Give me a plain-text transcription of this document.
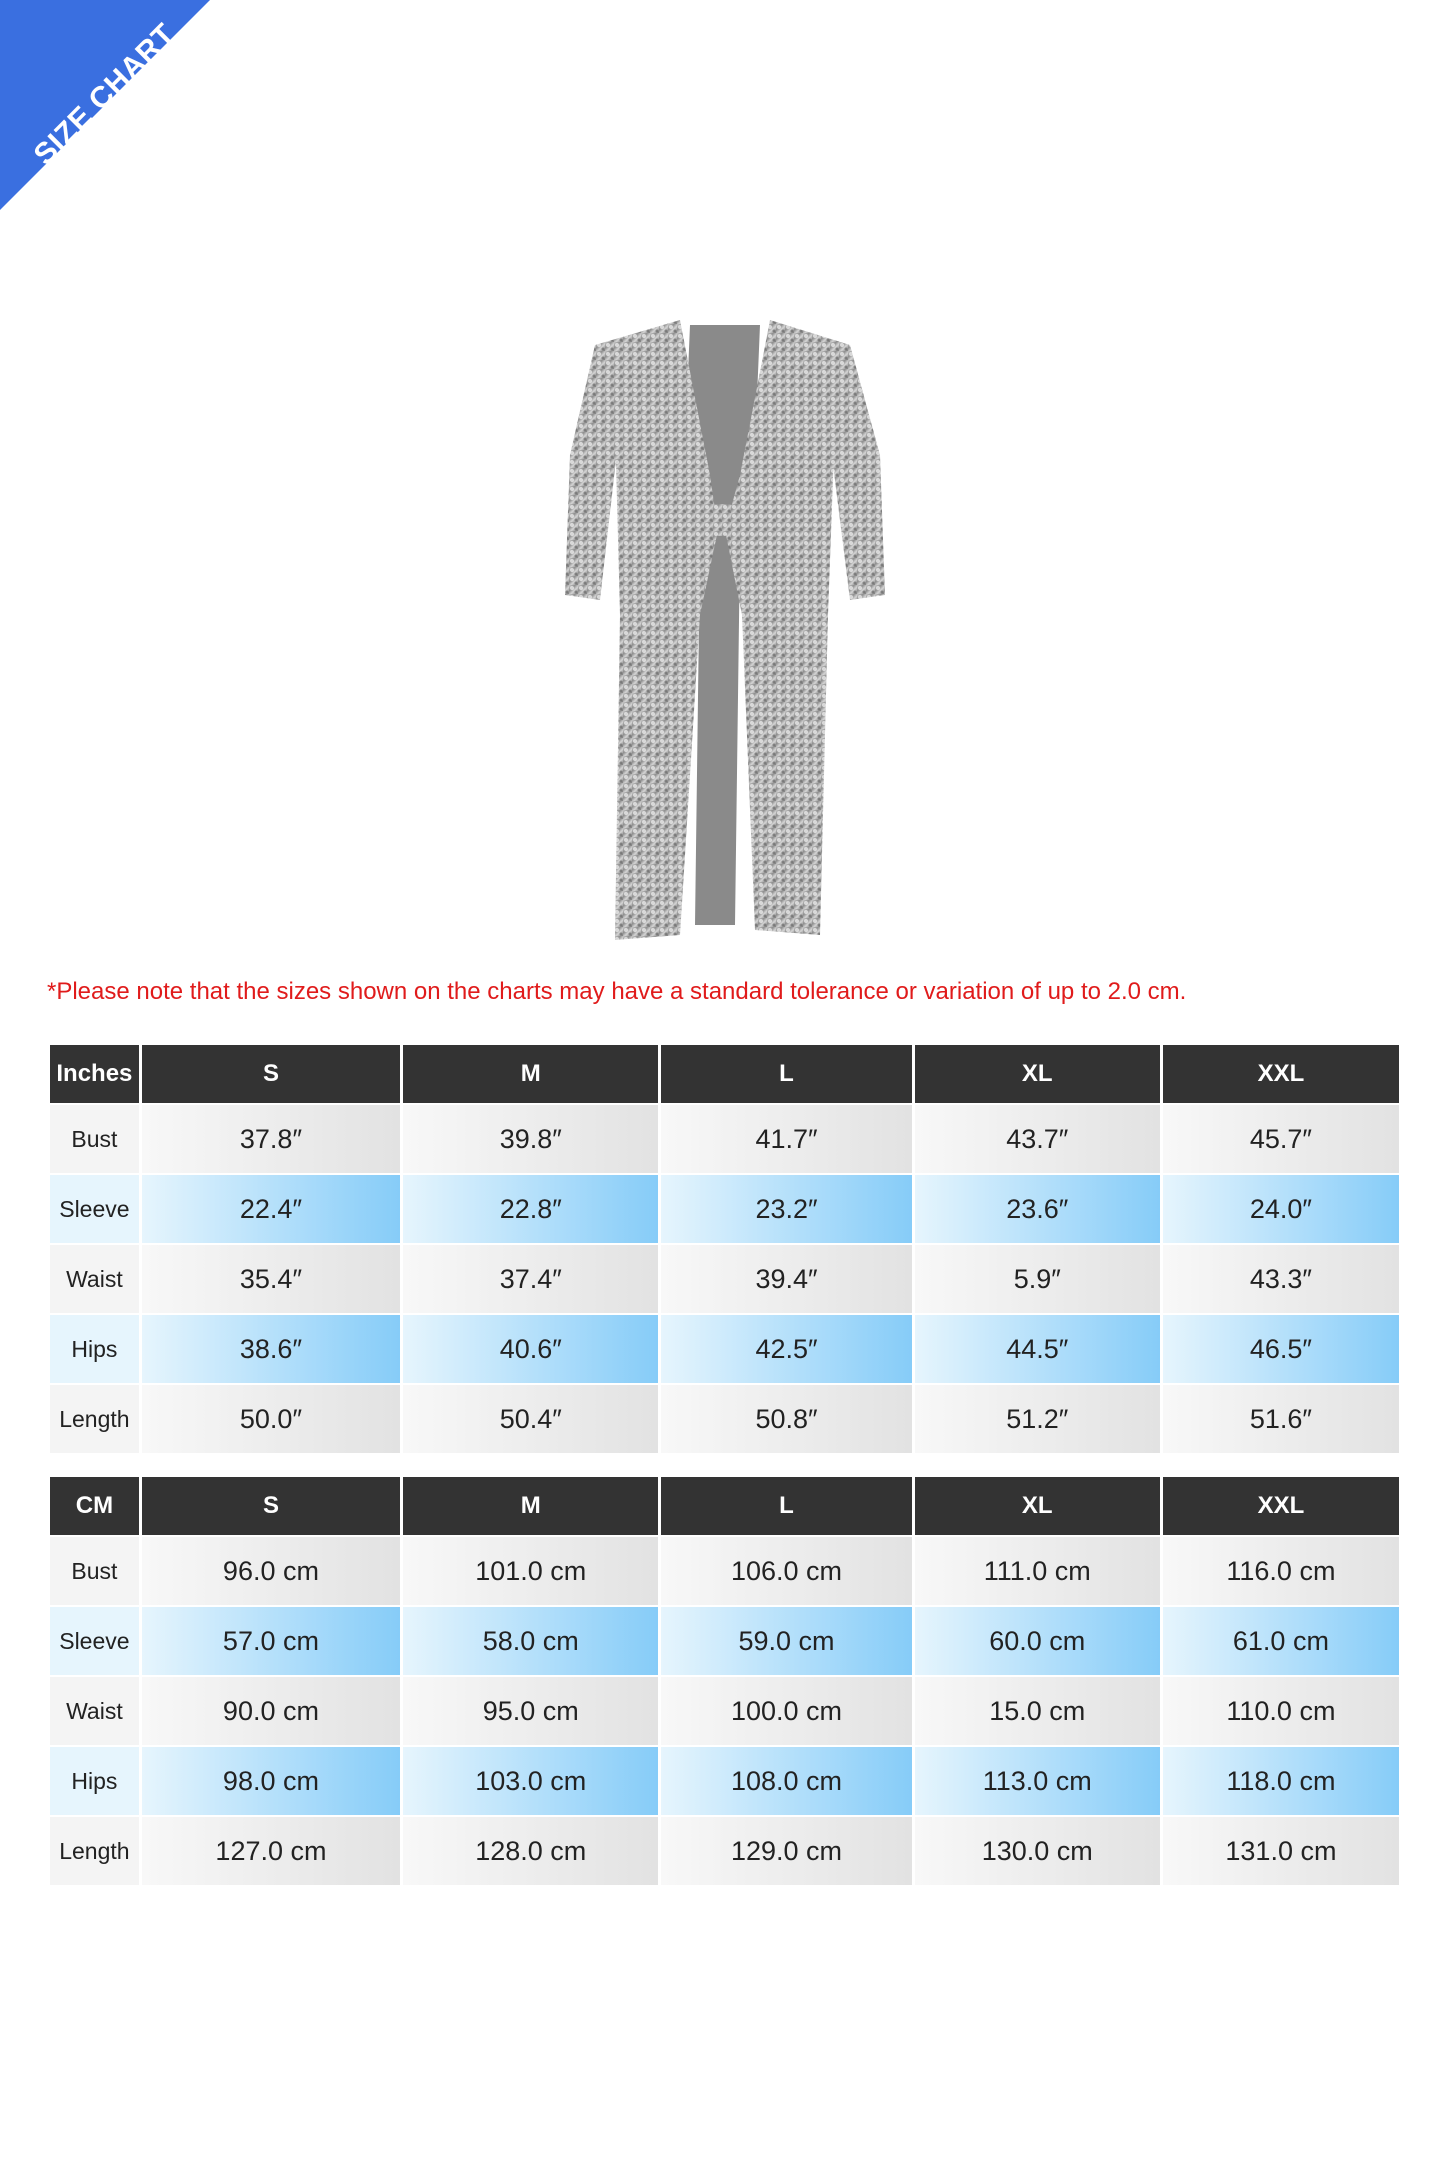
SIZE CHART
*Please note that the sizes shown on the charts may have a standard tolerance or variation of up to 2.0 cm.
Inches	S	M	L	XL	XXL
Bust	37.8″	39.8″	41.7″	43.7″	45.7″
Sleeve	22.4″	22.8″	23.2″	23.6″	24.0″
Waist	35.4″	37.4″	39.4″	5.9″	43.3″
Hips	38.6″	40.6″	42.5″	44.5″	46.5″
Length	50.0″	50.4″	50.8″	51.2″	51.6″
CM	S	M	L	XL	XXL
Bust	96.0 cm	101.0 cm	106.0 cm	111.0 cm	116.0 cm
Sleeve	57.0 cm	58.0 cm	59.0 cm	60.0 cm	61.0 cm
Waist	90.0 cm	95.0 cm	100.0 cm	15.0 cm	110.0 cm
Hips	98.0 cm	103.0 cm	108.0 cm	113.0 cm	118.0 cm
Length	127.0 cm	128.0 cm	129.0 cm	130.0 cm	131.0 cm
